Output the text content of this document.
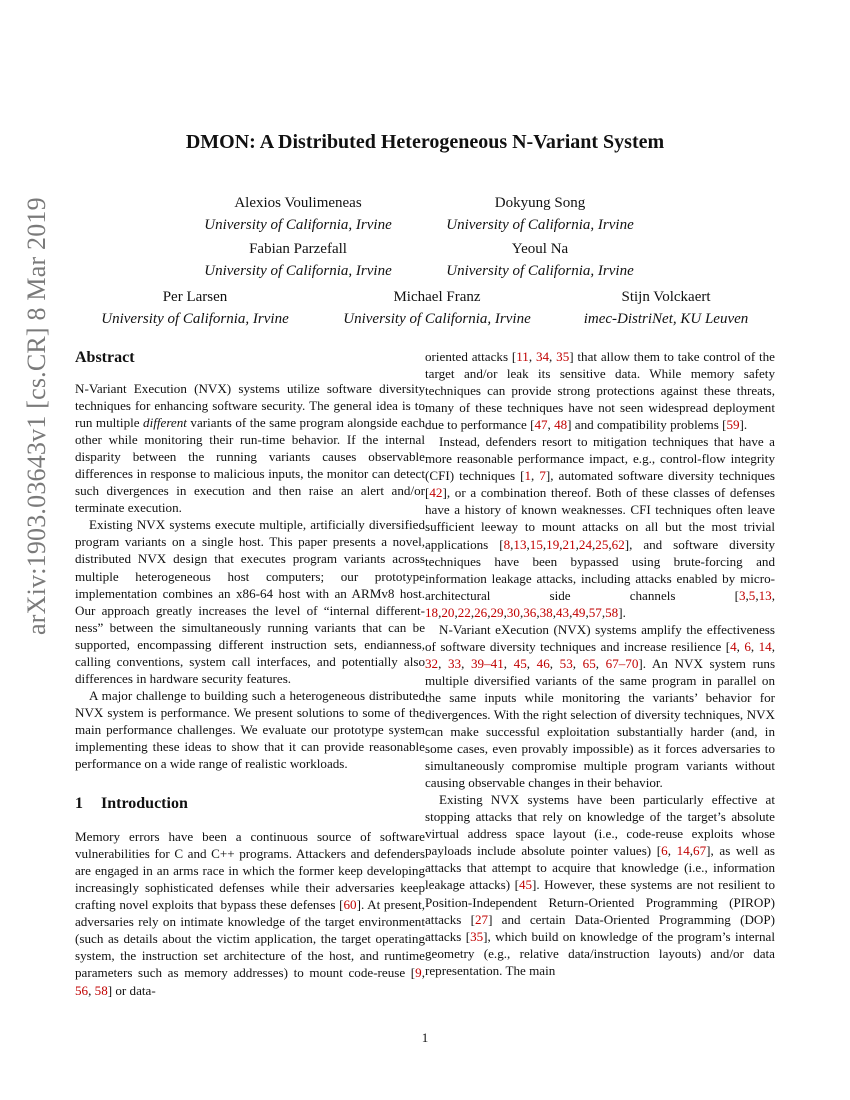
arXiv:1903.03643v1 [cs.CR] 8 Mar 2019
DMON: A Distributed Heterogeneous N-Variant System
Alexios Voulimeneas
University of California, Irvine
Dokyung Song
University of California, Irvine
Fabian Parzefall
University of California, Irvine
Yeoul Na
University of California, Irvine
Per Larsen
University of California, Irvine
Michael Franz
University of California, Irvine
Stijn Volckaert
imec-DistriNet, KU Leuven
Abstract

N-Variant Execution (NVX) systems utilize software diversity techniques for enhancing software security. The general idea is to run multiple different variants of the same program alongside each other while monitoring their run-time behavior. If the internal disparity between the running variants causes observable differences in response to malicious inputs, the monitor can detect such divergences in execution and then raise an alert and/or terminate execution.

Existing NVX systems execute multiple, artificially diversified program variants on a single host. This paper presents a novel, distributed NVX design that executes program variants across multiple heterogeneous host computers; our prototype implementation combines an x86-64 host with an ARMv8 host. Our approach greatly increases the level of “internal different-ness” between the simultaneously running variants that can be supported, encompassing different instruction sets, endianness, calling conventions, system call interfaces, and potentially also differences in hardware security features.

A major challenge to building such a heterogeneous distributed NVX system is performance. We present solutions to some of the main performance challenges. We evaluate our prototype system implementing these ideas to show that it can provide reasonable performance on a wide range of realistic workloads.

1 Introduction

Memory errors have been a continuous source of software vulnerabilities for C and C++ programs. Attackers and defenders are engaged in an arms race in which the former keep developing increasingly sophisticated defenses while their adversaries keep crafting novel exploits that bypass these defenses [60]. At present, adversaries rely on intimate knowledge of the target environment (such as details about the victim application, the target operating system, the instruction set architecture of the host, and runtime parameters such as memory addresses) to mount code-reuse [9, 56, 58] or data-

oriented attacks [11, 34, 35] that allow them to take control of the target and/or leak its sensitive data. While memory safety techniques can provide strong protections against these threats, many of these techniques have not seen widespread deployment due to performance [47, 48] and compatibility problems [59].

Instead, defenders resort to mitigation techniques that have a more reasonable performance impact, e.g., control-flow integrity (CFI) techniques [1, 7], automated software diversity techniques [42], or a combination thereof. Both of these classes of defenses have a history of known weaknesses. CFI techniques often leave sufficient leeway to mount attacks on all but the most trivial applications [8,13,15,19,21,24,25,62], and software diversity techniques have been bypassed using brute-forcing and information leakage attacks, including attacks enabled by micro-architectural side channels [3,5,13, 18,20,22,26,29,30,36,38,43,49,57,58].

N-Variant eXecution (NVX) systems amplify the effectiveness of software diversity techniques and increase resilience [4, 6, 14, 32, 33, 39–41, 45, 46, 53, 65, 67–70]. An NVX system runs multiple diversified variants of the same program in parallel on the same inputs while monitoring the variants’ behavior for divergences. With the right selection of diversity techniques, NVX can make successful exploitation substantially harder (and, in some cases, even provably impossible) as it forces adversaries to simultaneously compromise multiple program variants without causing observable changes in their behavior.

Existing NVX systems have been particularly effective at stopping attacks that rely on knowledge of the target’s absolute virtual address space layout (i.e., code-reuse exploits whose payloads include absolute pointer values) [6, 14,67], as well as attacks that attempt to acquire that knowledge (i.e., information leakage attacks) [45]. However, these systems are not resilient to Position-Independent Return-Oriented Programming (PIROP) attacks [27] and certain Data-Oriented Programming (DOP) attacks [35], which build on knowledge of the program’s internal geometry (e.g., relative data/instruction layouts) and/or data representation. The main

1
